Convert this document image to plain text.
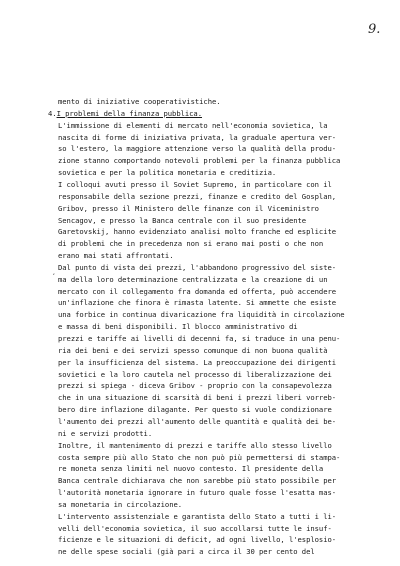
9.
mento di iniziative cooperativistiche.
4.I problemi della finanza pubblica.
L'immissione di elementi di mercato nell'economia sovietica, la
nascita di forme di iniziativa privata, la graduale apertura ver-
so l'estero, la maggiore attenzione verso la qualità della produ-
zione stanno comportando notevoli problemi per la finanza pubblica
sovietica e per la politica monetaria e creditizia.
I colloqui avuti presso il Soviet Supremo, in particolare con il
responsabile della sezione prezzi, finanze e credito del Gosplan,
Gribov, presso il Ministero delle finanze con il Viceministro
Sencagov, e presso la Banca centrale con il suo presidente
Garetovskij, hanno evidenziato analisi molto franche ed esplicite
di problemi che in precedenza non si erano mai posti o che non
erano mai stati affrontati.
Dal punto di vista dei prezzi, l'abbandono progressivo del siste-
ma della loro determinazione centralizzata e la creazione di un
mercato con il collegamento fra domanda ed offerta, può accendere
un'inflazione che finora è rimasta latente. Si ammette che esiste
una forbice in continua divaricazione fra liquidità in circolazione
e massa di beni disponibili. Il blocco amministrativo di
prezzi e tariffe ai livelli di decenni fa, si traduce in una penu-
ria dei beni e dei servizi spesso comunque di non buona qualità
per la insufficienza del sistema. La preoccupazione dei dirigenti
sovietici e la loro cautela nel processo di liberalizzazione dei
prezzi si spiega - diceva Gribov - proprio con la consapevolezza
che in una situazione di scarsità di beni i prezzi liberi vorreb-
bero dire inflazione dilagante. Per questo si vuole condizionare
l'aumento dei prezzi all'aumento delle quantità e qualità dei be-
ni e servizi prodotti.
Inoltre, il mantenimento di prezzi e tariffe allo stesso livello
costa sempre più allo Stato che non può più permettersi di stampa-
re moneta senza limiti nel nuovo contesto. Il presidente della
Banca centrale dichiarava che non sarebbe più stato possibile per
l'autorità monetaria ignorare in futuro quale fosse l'esatta mas-
sa monetaria in circolazione.
L'intervento assistenziale e garantista dello Stato a tutti i li-
velli dell'economia sovietica, il suo accollarsi tutte le insuf-
ficienze e le situazioni di deficit, ad ogni livello, l'esplosio-
ne delle spese sociali (già pari a circa il 30 per cento del
ʻ
